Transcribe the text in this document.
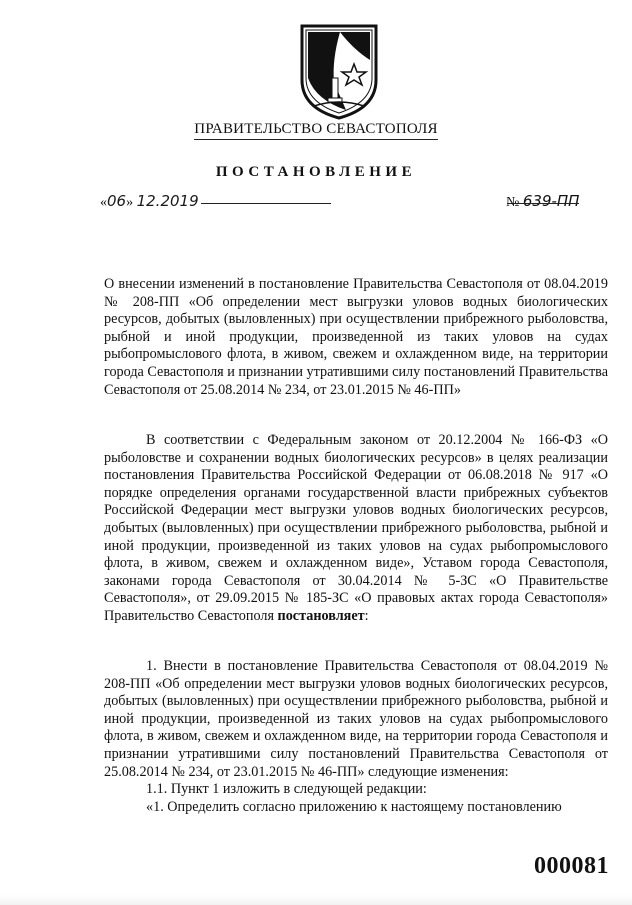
ПРАВИТЕЛЬСТВО СЕВАСТОПОЛЯ
ПОСТАНОВЛЕНИЕ
«06» 12.2019	№ 639-ПП

О внесении изменений в постановление Правительства Севастополя от 08.04.2019 № 208-ПП «Об определении мест выгрузки уловов водных биологических ресурсов, добытых (выловленных) при осуществлении прибрежного рыболовства, рыбной и иной продукции, произведенной из таких уловов на судах рыбопромыслового флота, в живом, свежем и охлажденном виде, на территории города Севастополя и признании утратившими силу постановлений Правительства Севастополя от 25.08.2014 № 234, от 23.01.2015 № 46-ПП»

В соответствии с Федеральным законом от 20.12.2004 № 166-ФЗ «О рыболовстве и сохранении водных биологических ресурсов» в целях реализации постановления Правительства Российской Федерации от 06.08.2018 № 917 «О порядке определения органами государственной власти прибрежных субъектов Российской Федерации мест выгрузки уловов водных биологических ресурсов, добытых (выловленных) при осуществлении прибрежного рыболовства, рыбной и иной продукции, произведенной из таких уловов на судах рыбопромыслового флота, в живом, свежем и охлажденном виде», Уставом города Севастополя, законами города Севастополя от 30.04.2014 № 5-ЗС «О Правительстве Севастополя», от 29.09.2015 № 185-ЗС «О правовых актах города Севастополя» Правительство Севастополя постановляет:

1. Внести в постановление Правительства Севастополя от 08.04.2019 № 208-ПП «Об определении мест выгрузки уловов водных биологических ресурсов, добытых (выловленных) при осуществлении прибрежного рыболовства, рыбной и иной продукции, произведенной из таких уловов на судах рыбопромыслового флота, в живом, свежем и охлажденном виде, на территории города Севастополя и признании утратившими силу постановлений Правительства Севастополя от 25.08.2014 № 234, от 23.01.2015 № 46-ПП» следующие изменения:

1.1. Пункт 1 изложить в следующей редакции:

«1. Определить согласно приложению к настоящему постановлению

000081
